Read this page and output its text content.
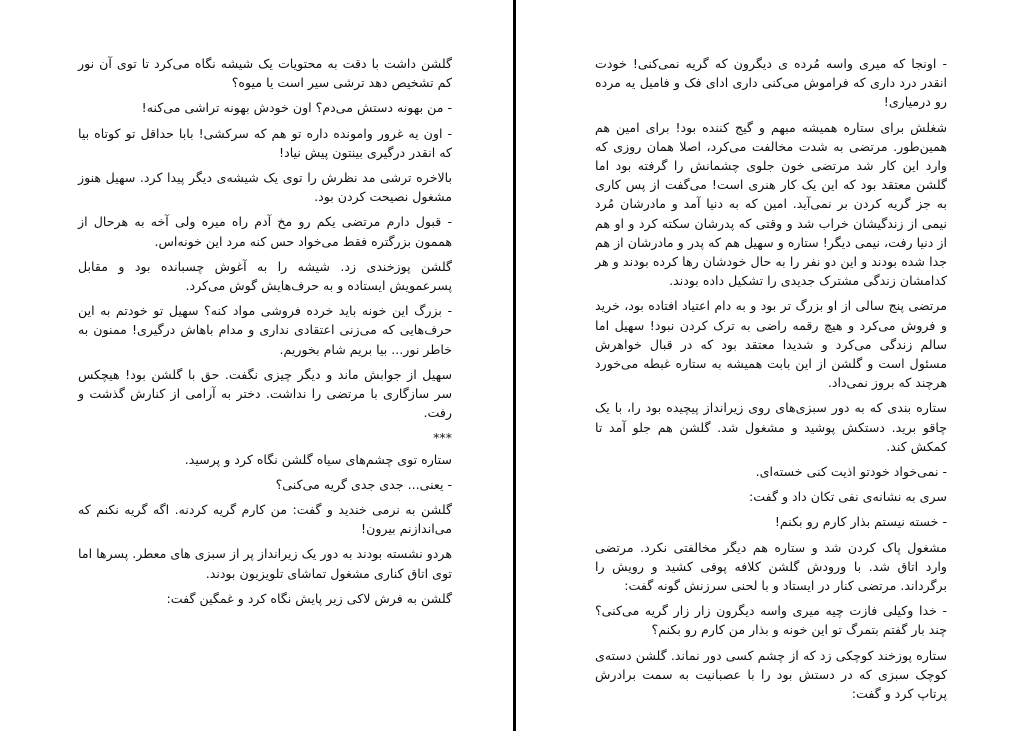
گلشن داشت با دقت به محتویات یک شیشه نگاه می‌کرد تا توی آن نور کم تشخیص دهد ترشی سیر است یا میوه؟

- من بهونه دستش می‌دم؟ اون خودش بهونه تراشی می‌کنه!

- اون یه غرور وامونده داره تو هم که سرکشی! بابا حداقل تو کوتاه بیا که انقدر درگیری بینتون پیش نیاد!

بالاخره ترشی مد نظرش را توی یک شیشه‌ی دیگر پیدا کرد. سهیل هنوز مشغول نصیحت کردن بود.

- قبول دارم مرتضی یکم رو مخ آدم راه میره ولی آخه به هرحال از هممون بزرگتره فقط می‌خواد حس کنه مرد این خونه‌اس.

گلشن پوزخندی زد. شیشه را به آغوش چسبانده بود و مقابل پسرعمویش ایستاده و به حرف‌هایش گوش می‌کرد.

- بزرگ این خونه باید خرده فروشی مواد کنه؟ سهیل تو خودتم به این حرف‌هایی که می‌زنی اعتقادی نداری و مدام باهاش درگیری! ممنون به خاطر نور... بیا بریم شام بخوریم.

سهیل از جوابش ماند و دیگر چیزی نگفت. حق با گلشن بود! هیچکس سر سازگاری با مرتضی را نداشت. دختر به آرامی از کنارش گذشت و رفت.

***

ستاره توی چشم‌های سیاه گلشن نگاه کرد و پرسید.

- یعنی... جدی جدی گریه می‌کنی؟

گلشن به نرمی خندید و گفت: من کارم گریه کردنه. اگه گریه نکنم که می‌اندازنم بیرون!

هردو نشسته بودند به دور یک زیرانداز پر از سبزی های معطر. پسرها اما توی اتاق کناری مشغول تماشای تلویزیون بودند.

گلشن به فرش لاکی زیر پایش نگاه کرد و غمگین گفت:

- اونجا که میری واسه مُرده ی دیگرون که گریه نمی‌کنی! خودت انقدر درد داری که فراموش می‌کنی داری ادای فک و فامیل یه مرده رو درمیاری!

شغلش برای ستاره همیشه مبهم و گیج کننده بود! برای امین هم همین‌طور. مرتضی به شدت مخالفت می‌کرد، اصلا همان روزی که وارد این کار شد مرتضی خون جلوی چشمانش را گرفته بود اما گلشن معتقد بود که این یک کار هنری است! می‌گفت از پس کاری به جز گریه کردن بر نمی‌آید. امین که به دنیا آمد و مادرشان مُرد نیمی از زندگیشان خراب شد و وقتی که پدرشان سکته کرد و او هم از دنیا رفت، نیمی دیگر! ستاره و سهیل هم که پدر و مادرشان از هم جدا شده بودند و این دو نفر را به حال خودشان رها کرده بودند و هر کدامشان زندگی مشترک جدیدی را تشکیل داده بودند.

مرتضی پنج سالی از او بزرگ تر بود و به دام اعتیاد افتاده بود، خرید و فروش می‌کرد و هیچ رقمه راضی به ترک کردن نبود! سهیل اما سالم زندگی می‌کرد و شدیدا معتقد بود که در قبال خواهرش مسئول است و گلشن از این بابت همیشه به ستاره غبطه می‌خورد هرچند که بروز نمی‌داد.

ستاره بندی که به دور سبزی‌های روی زیرانداز پیچیده بود را، با یک چاقو برید. دستکش پوشید و مشغول شد. گلشن هم جلو آمد تا کمکش کند.

- نمی‌خواد خودتو اذیت کنی خسته‌ای.

سری به نشانه‌ی نفی تکان داد و گفت:

- خسته نیستم بذار کارم رو بکنم!

مشغول پاک کردن شد و ستاره هم دیگر مخالفتی نکرد. مرتضی وارد اتاق شد. با ورودش گلشن کلافه پوفی کشید و رویش را برگرداند. مرتضی کنار در ایستاد و با لحنی سرزنش گونه گفت:

- خدا وکیلی فازت چیه میری واسه دیگرون زار زار گریه می‌کنی؟ چند بار گفتم بتمرگ تو این خونه و بذار من کارم رو بکنم؟

ستاره پوزخند کوچکی زد که از چشم کسی دور نماند. گلشن دسته‌ی کوچک سبزی که در دستش بود را با عصبانیت به سمت برادرش پرتاپ کرد و گفت:
